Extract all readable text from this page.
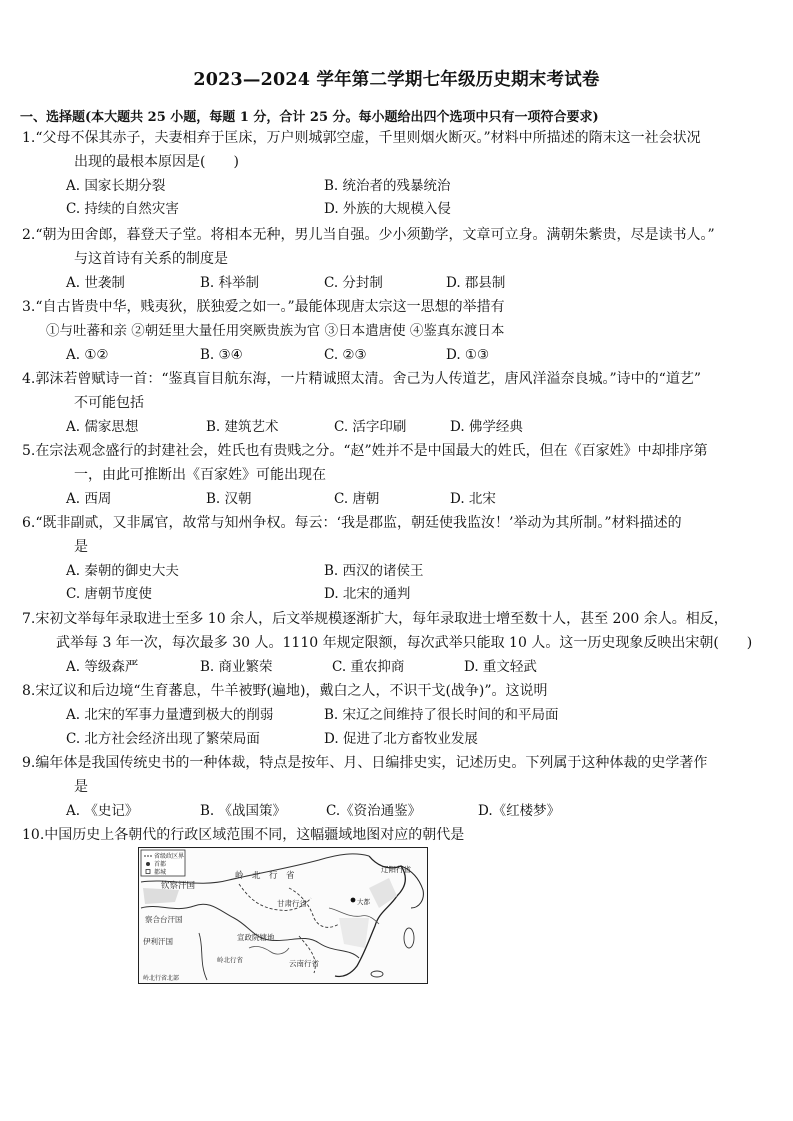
2023—2024 学年第二学期七年级历史期末考试卷
一、选择题(本大题共 25 小题，每题 1 分，合计 25 分。每小题给出四个选项中只有一项符合要求)
1.“父母不保其赤子，夫妻相弃于匡床，万户则城郭空虚，千里则烟火断灭。”材料中所描述的隋末这一社会状况
出现的最根本原因是(　　)
A. 国家长期分裂	B. 统治者的残暴统治
C. 持续的自然灾害	D. 外族的大规模入侵
2.“朝为田舍郎，暮登天子堂。将相本无种，男儿当自强。少小须勤学，文章可立身。满朝朱紫贵，尽是读书人。”
与这首诗有关系的制度是
A. 世袭制	B. 科举制	C. 分封制	D. 郡县制
3.“自古皆贵中华，贱夷狄，朕独爱之如一。”最能体现唐太宗这一思想的举措有
①与吐蕃和亲 ②朝廷里大量任用突厥贵族为官 ③日本遣唐使 ④鉴真东渡日本
A. ①②	B. ③④	C. ②③	D. ①③
4.郭沫若曾赋诗一首：“鉴真盲目航东海，一片精诚照太清。舍己为人传道艺，唐风洋溢奈良城。”诗中的“道艺”
不可能包括
A. 儒家思想	B. 建筑艺术	C. 活字印刷	D. 佛学经典
5.在宗法观念盛行的封建社会，姓氏也有贵贱之分。“赵”姓并不是中国最大的姓氏，但在《百家姓》中却排序第
一，由此可推断出《百家姓》可能出现在
A. 西周	B. 汉朝	C. 唐朝	D. 北宋
6.“既非副贰，又非属官，故常与知州争权。每云：‘我是郡监，朝廷使我监汝！’举动为其所制。”材料描述的
是
A. 秦朝的御史大夫	B. 西汉的诸侯王
C. 唐朝节度使	D. 北宋的通判
7.宋初文举每年录取进士至多 10 余人，后文举规模逐渐扩大，每年录取进士增至数十人，甚至 200 余人。相反，
武举每 3 年一次，每次最多 30 人。1110 年规定限额，每次武举只能取 10 人。这一历史现象反映出宋朝(　　)
A. 等级森严	B. 商业繁荣	C. 重农抑商	D. 重文轻武
8.宋辽议和后边境“生育蕃息，牛羊被野(遍地)，戴白之人，不识干戈(战争)”。这说明
A. 北宋的军事力量遭到极大的削弱	B. 宋辽之间维持了很长时间的和平局面
C. 北方社会经济出现了繁荣局面	D. 促进了北方畜牧业发展
9.编年体是我国传统史书的一种体裁，特点是按年、月、日编排史实，记述历史。下列属于这种体裁的史学著作
是
A. 《史记》	B. 《战国策》	C.《资治通鉴》	D.《红楼梦》
10.中国历史上各朝代的行政区域范围不同，这幅疆域地图对应的朝代是
省级政区界
首都
都城
大都
钦察汗国
岭　北　行　省
辽阳行省
察合台汗国
伊利汗国
甘肃行省
宣政院辖地
云南行省
岭北行省
岭北行省北部
